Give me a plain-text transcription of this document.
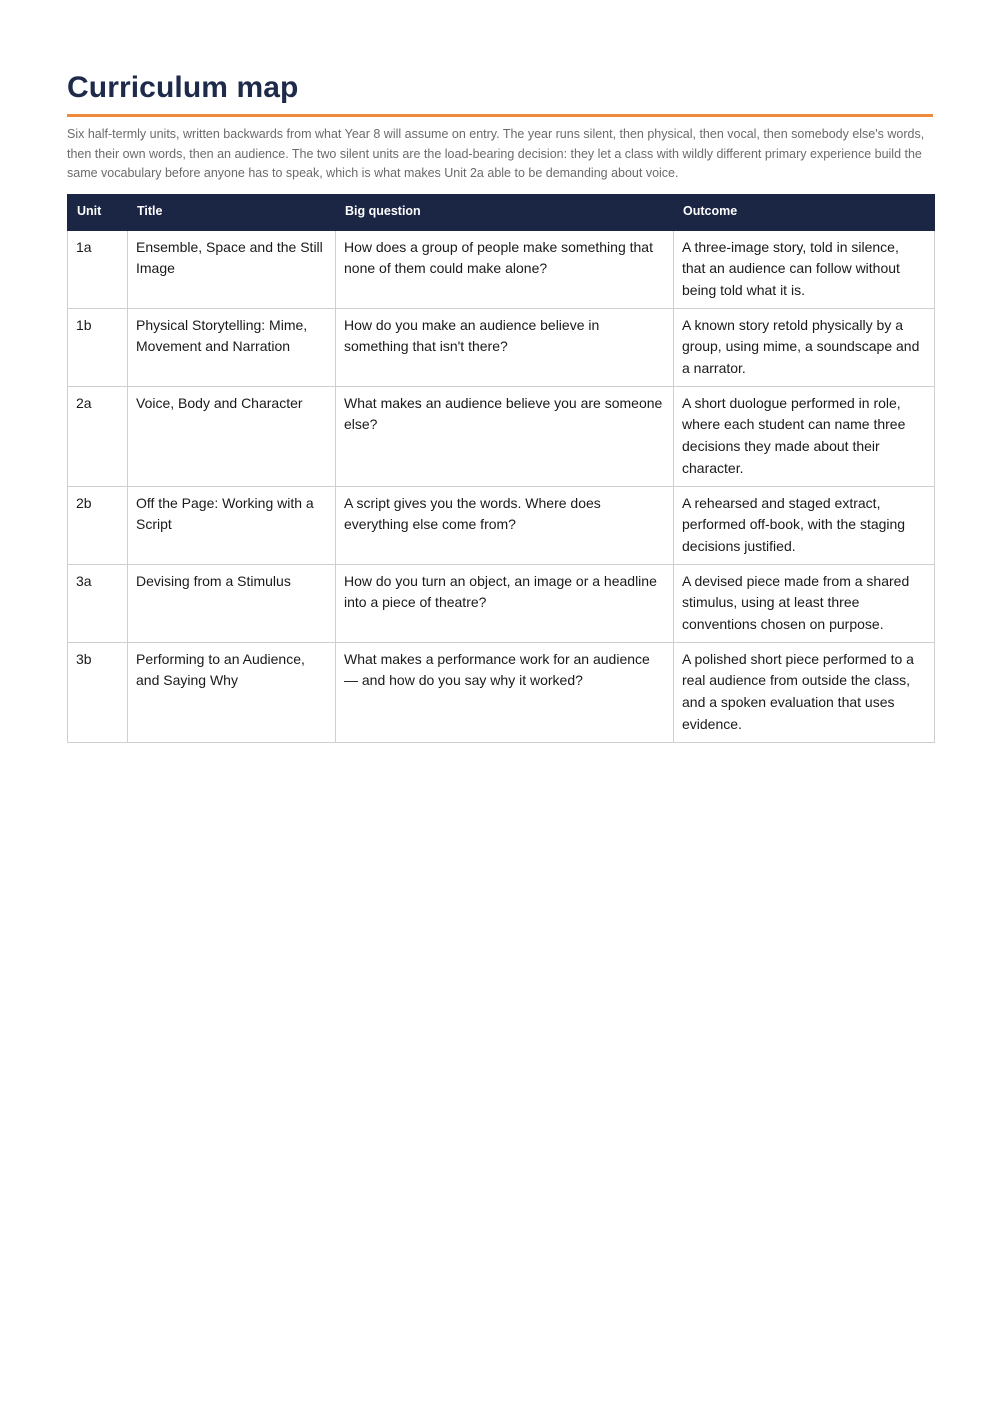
Curriculum map

Six half-termly units, written backwards from what Year 8 will assume on entry. The year runs silent, then physical, then vocal, then somebody else's words, then their own words, then an audience. The two silent units are the load-bearing decision: they let a class with wildly different primary experience build the same vocabulary before anyone has to speak, which is what makes Unit 2a able to be demanding about voice.

Unit	Title	Big question	Outcome
1a	Ensemble, Space and the Still Image	How does a group of people make something that none of them could make alone?	A three-image story, told in silence, that an audience can follow without being told what it is.
1b	Physical Storytelling: Mime, Movement and Narration	How do you make an audience believe in something that isn't there?	A known story retold physically by a group, using mime, a soundscape and a narrator.
2a	Voice, Body and Character	What makes an audience believe you are someone else?	A short duologue performed in role, where each student can name three decisions they made about their character.
2b	Off the Page: Working with a Script	A script gives you the words. Where does everything else come from?	A rehearsed and staged extract, performed off-book, with the staging decisions justified.
3a	Devising from a Stimulus	How do you turn an object, an image or a headline into a piece of theatre?	A devised piece made from a shared stimulus, using at least three conventions chosen on purpose.
3b	Performing to an Audience, and Saying Why	What makes a performance work for an audience — and how do you say why it worked?	A polished short piece performed to a real audience from outside the class, and a spoken evaluation that uses evidence.
